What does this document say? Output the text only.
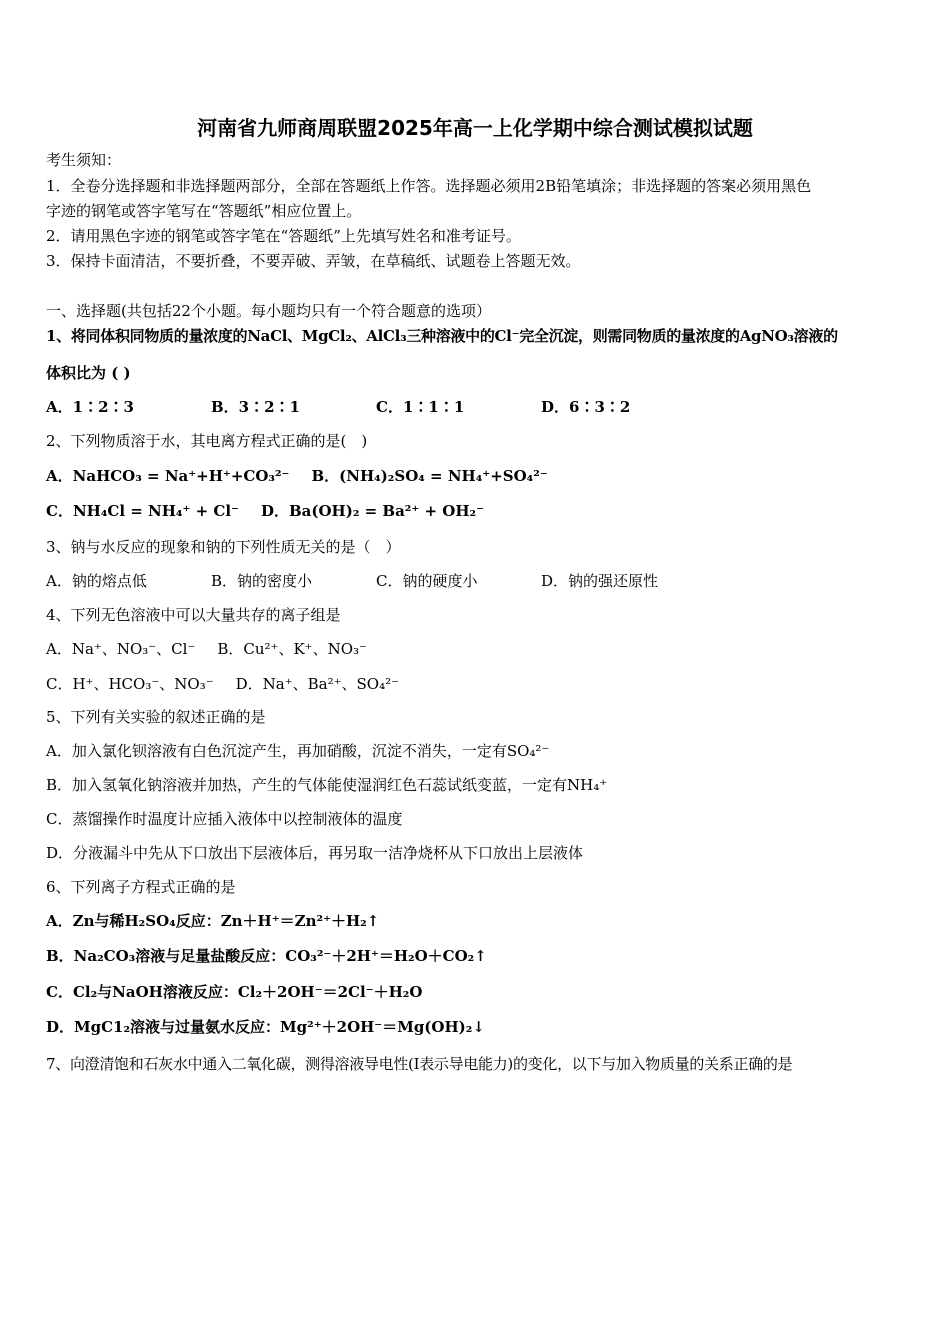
河南省九师商周联盟2025年高一上化学期中综合测试模拟试题
考生须知：
1．全卷分选择题和非选择题两部分，全部在答题纸上作答。选择题必须用2B铅笔填涂；非选择题的答案必须用黑色
字迹的钢笔或答字笔写在“答题纸”相应位置上。
2．请用黑色字迹的钢笔或答字笔在“答题纸”上先填写姓名和准考证号。
3．保持卡面清洁，不要折叠，不要弄破、弄皱，在草稿纸、试题卷上答题无效。
一、选择题(共包括22个小题。每小题均只有一个符合题意的选项）
1、将同体积同物质的量浓度的NaCl、MgCl₂、AlCl₃三种溶液中的Cl⁻完全沉淀，则需同物质的量浓度的AgNO₃溶液的
体积比为 ( )
A．1∶2∶3	B．3∶2∶1	C．1∶1∶1	D．6∶3∶2
2、下列物质溶于水，其电离方程式正确的是(　)
A．NaHCO₃ = Na⁺+H⁺+CO₃²⁻ B．(NH₄)₂SO₄ = NH₄⁺+SO₄²⁻
C．NH₄Cl = NH₄⁺ + Cl⁻ D．Ba(OH)₂ = Ba²⁺ + OH₂⁻
3、钠与水反应的现象和钠的下列性质无关的是（　）
A．钠的熔点低	B．钠的密度小	C．钠的硬度小	D．钠的强还原性
4、下列无色溶液中可以大量共存的离子组是
A．Na⁺、NO₃⁻、Cl⁻ B．Cu²⁺、K⁺、NO₃⁻
C．H⁺、HCO₃⁻、NO₃⁻ D．Na⁺、Ba²⁺、SO₄²⁻
5、下列有关实验的叙述正确的是
A．加入氯化钡溶液有白色沉淀产生，再加硝酸，沉淀不消失，一定有SO₄²⁻
B．加入氢氧化钠溶液并加热，产生的气体能使湿润红色石蕊试纸变蓝，一定有NH₄⁺
C．蒸馏操作时温度计应插入液体中以控制液体的温度
D．分液漏斗中先从下口放出下层液体后，再另取一洁净烧杯从下口放出上层液体
6、下列离子方程式正确的是
A．Zn与稀H₂SO₄反应：Zn＋H⁺＝Zn²⁺＋H₂↑
B．Na₂CO₃溶液与足量盐酸反应：CO₃²⁻＋2H⁺＝H₂O＋CO₂↑
C．Cl₂与NaOH溶液反应：Cl₂＋2OH⁻＝2Cl⁻＋H₂O
D．MgC1₂溶液与过量氨水反应：Mg²⁺＋2OH⁻＝Mg(OH)₂↓
7、向澄清饱和石灰水中通入二氧化碳，测得溶液导电性(I表示导电能力)的变化，以下与加入物质量的关系正确的是
